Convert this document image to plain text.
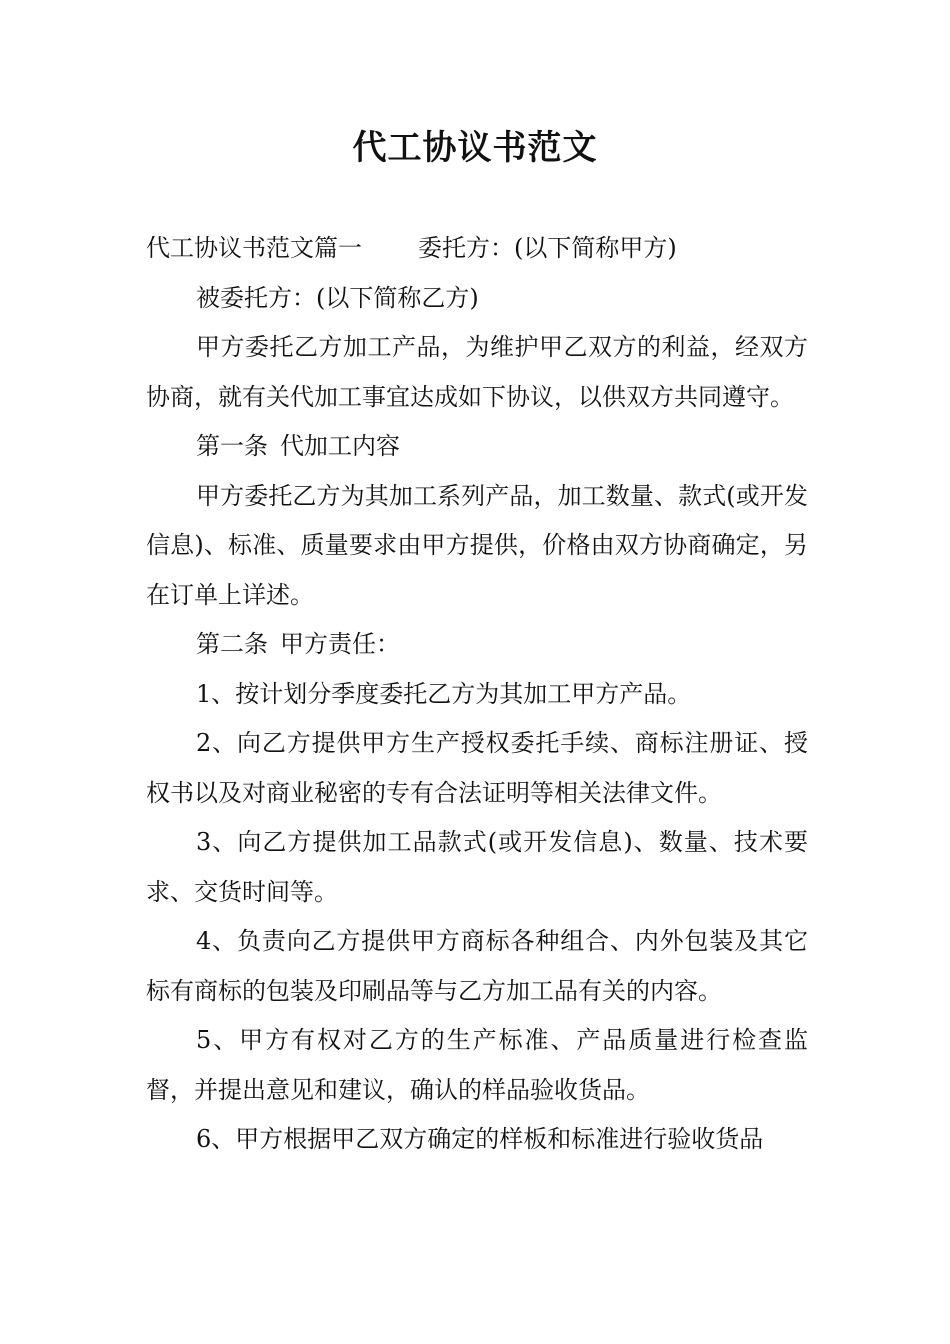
代工协议书范文

代工协议书范文篇一 委托方：(以下简称甲方)

被委托方：(以下简称乙方)

甲方委托乙方加工产品，为维护甲乙双方的利益，经双方协商，就有关代加工事宜达成如下协议，以供双方共同遵守。

第一条 代加工内容

甲方委托乙方为其加工系列产品，加工数量、款式(或开发信息)、标准、质量要求由甲方提供，价格由双方协商确定，另在订单上详述。

第二条 甲方责任：

1、按计划分季度委托乙方为其加工甲方产品。

2、向乙方提供甲方生产授权委托手续、商标注册证、授权书以及对商业秘密的专有合法证明等相关法律文件。

3、向乙方提供加工品款式(或开发信息)、数量、技术要求、交货时间等。

4、负责向乙方提供甲方商标各种组合、内外包装及其它标有商标的包装及印刷品等与乙方加工品有关的内容。

5、甲方有权对乙方的生产标准、产品质量进行检查监督，并提出意见和建议，确认的样品验收货品。

6、甲方根据甲乙双方确定的样板和标准进行验收货品
